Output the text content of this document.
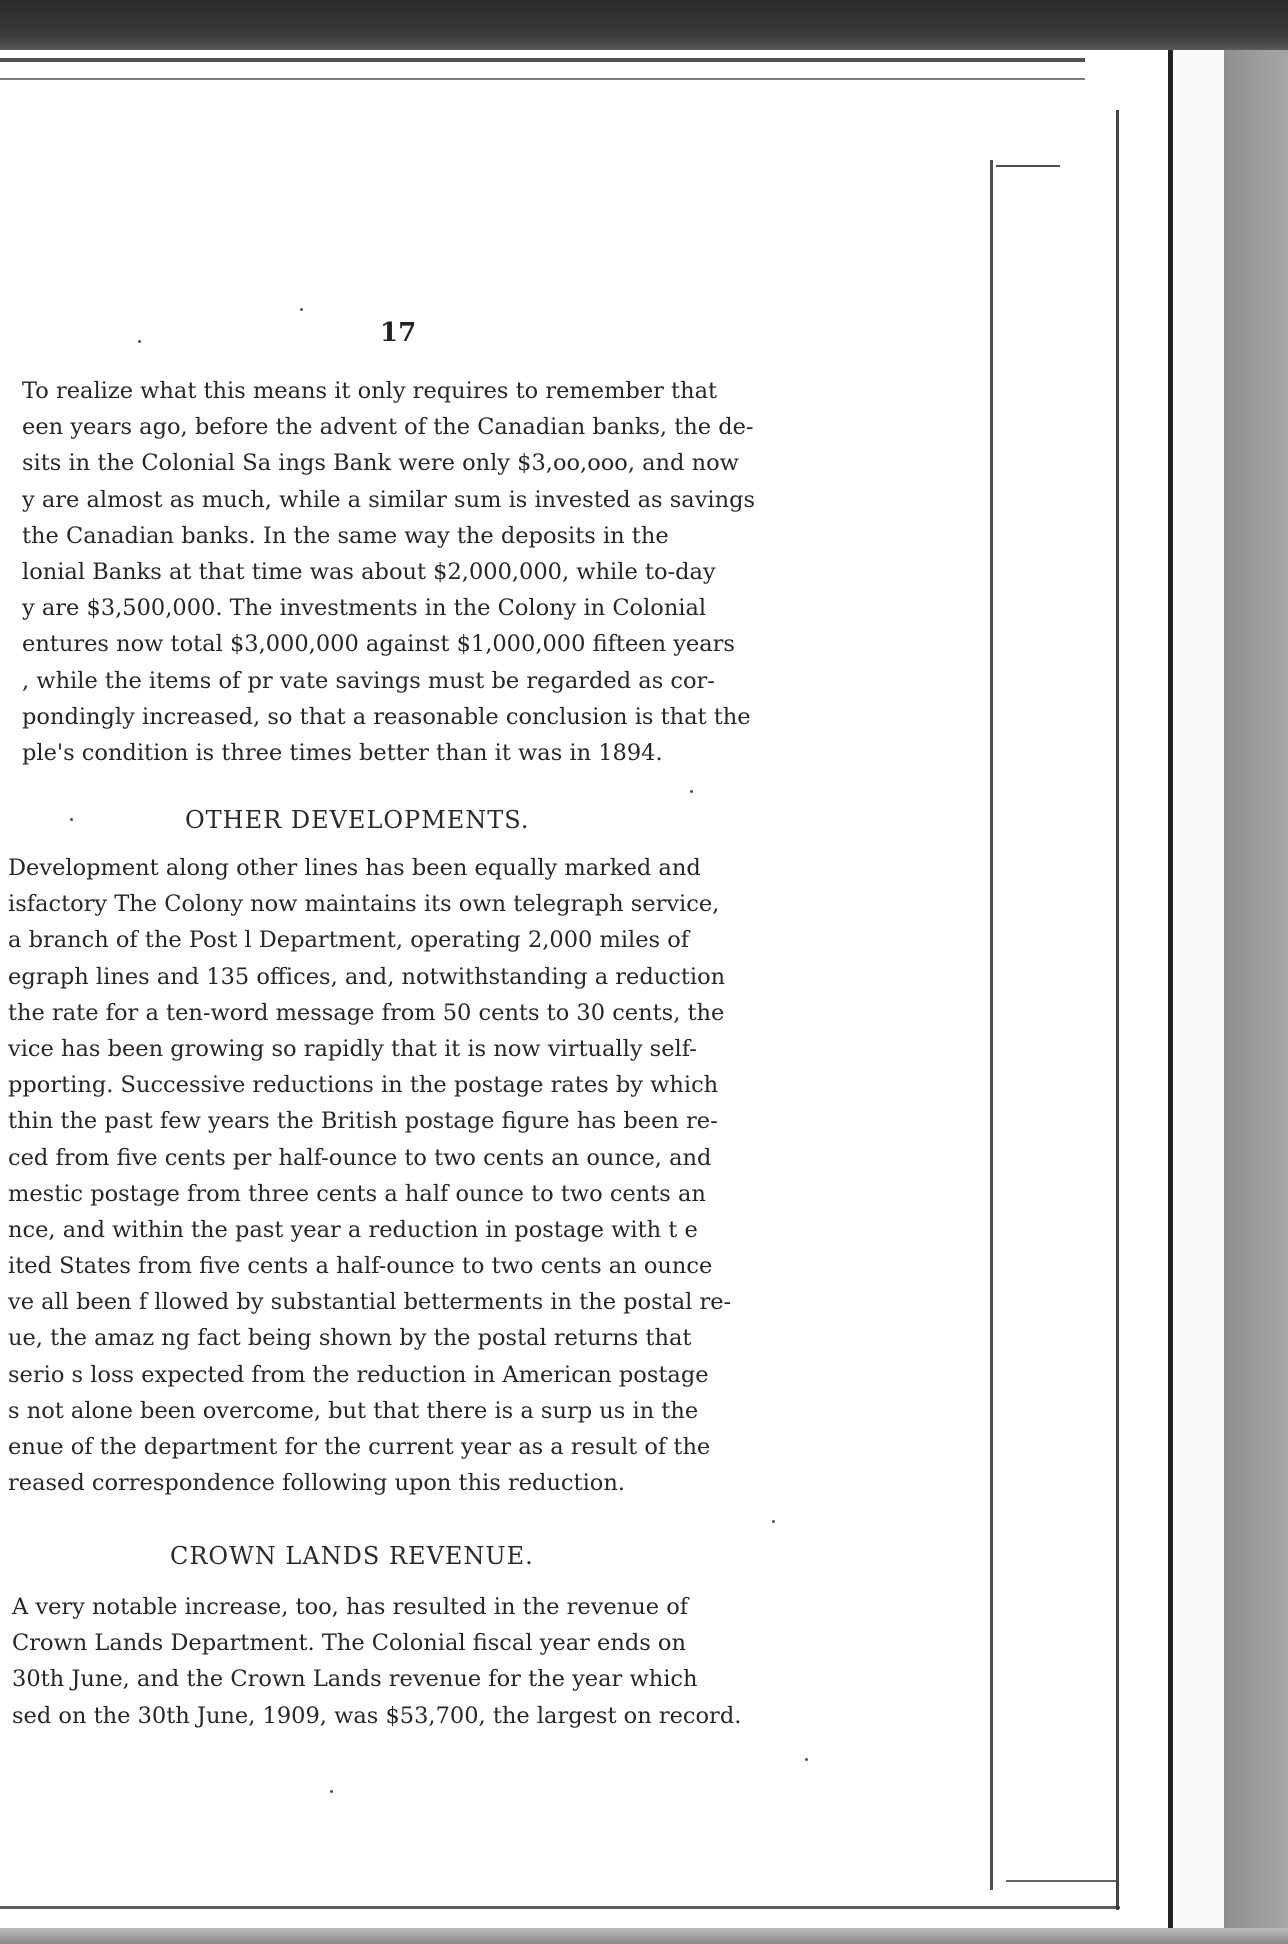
17
To realize what this means it only requires to remember that
een years ago, before the advent of the Canadian banks, the de-
sits in the Colonial Sa ings Bank were only $3,oo,ooo, and now
y are almost as much, while a similar sum is invested as savings
the Canadian banks. In the same way the deposits in the
lonial Banks at that time was about $2,000,000, while to-day
y are $3,500,000. The investments in the Colony in Colonial
entures now total $3,000,000 against $1,000,000 fifteen years
, while the items of pr vate savings must be regarded as cor-
pondingly increased, so that a reasonable conclusion is that the
ple's condition is three times better than it was in 1894.
OTHER DEVELOPMENTS.
Development along other lines has been equally marked and
isfactory The Colony now maintains its own telegraph service,
a branch of the Post l Department, operating 2,000 miles of
egraph lines and 135 offices, and, notwithstanding a reduction
the rate for a ten-word message from 50 cents to 30 cents, the
vice has been growing so rapidly that it is now virtually self-
pporting. Successive reductions in the postage rates by which
thin the past few years the British postage figure has been re-
ced from five cents per half-ounce to two cents an ounce, and
mestic postage from three cents a half ounce to two cents an
nce, and within the past year a reduction in postage with t e
ited States from five cents a half-ounce to two cents an ounce
ve all been f llowed by substantial betterments in the postal re-
ue, the amaz ng fact being shown by the postal returns that
serio s loss expected from the reduction in American postage
s not alone been overcome, but that there is a surp us in the
enue of the department for the current year as a result of the
reased correspondence following upon this reduction.
CROWN LANDS REVENUE.
A very notable increase, too, has resulted in the revenue of
Crown Lands Department. The Colonial fiscal year ends on
30th June, and the Crown Lands revenue for the year which
sed on the 30th June, 1909, was $53,700, the largest on record.
